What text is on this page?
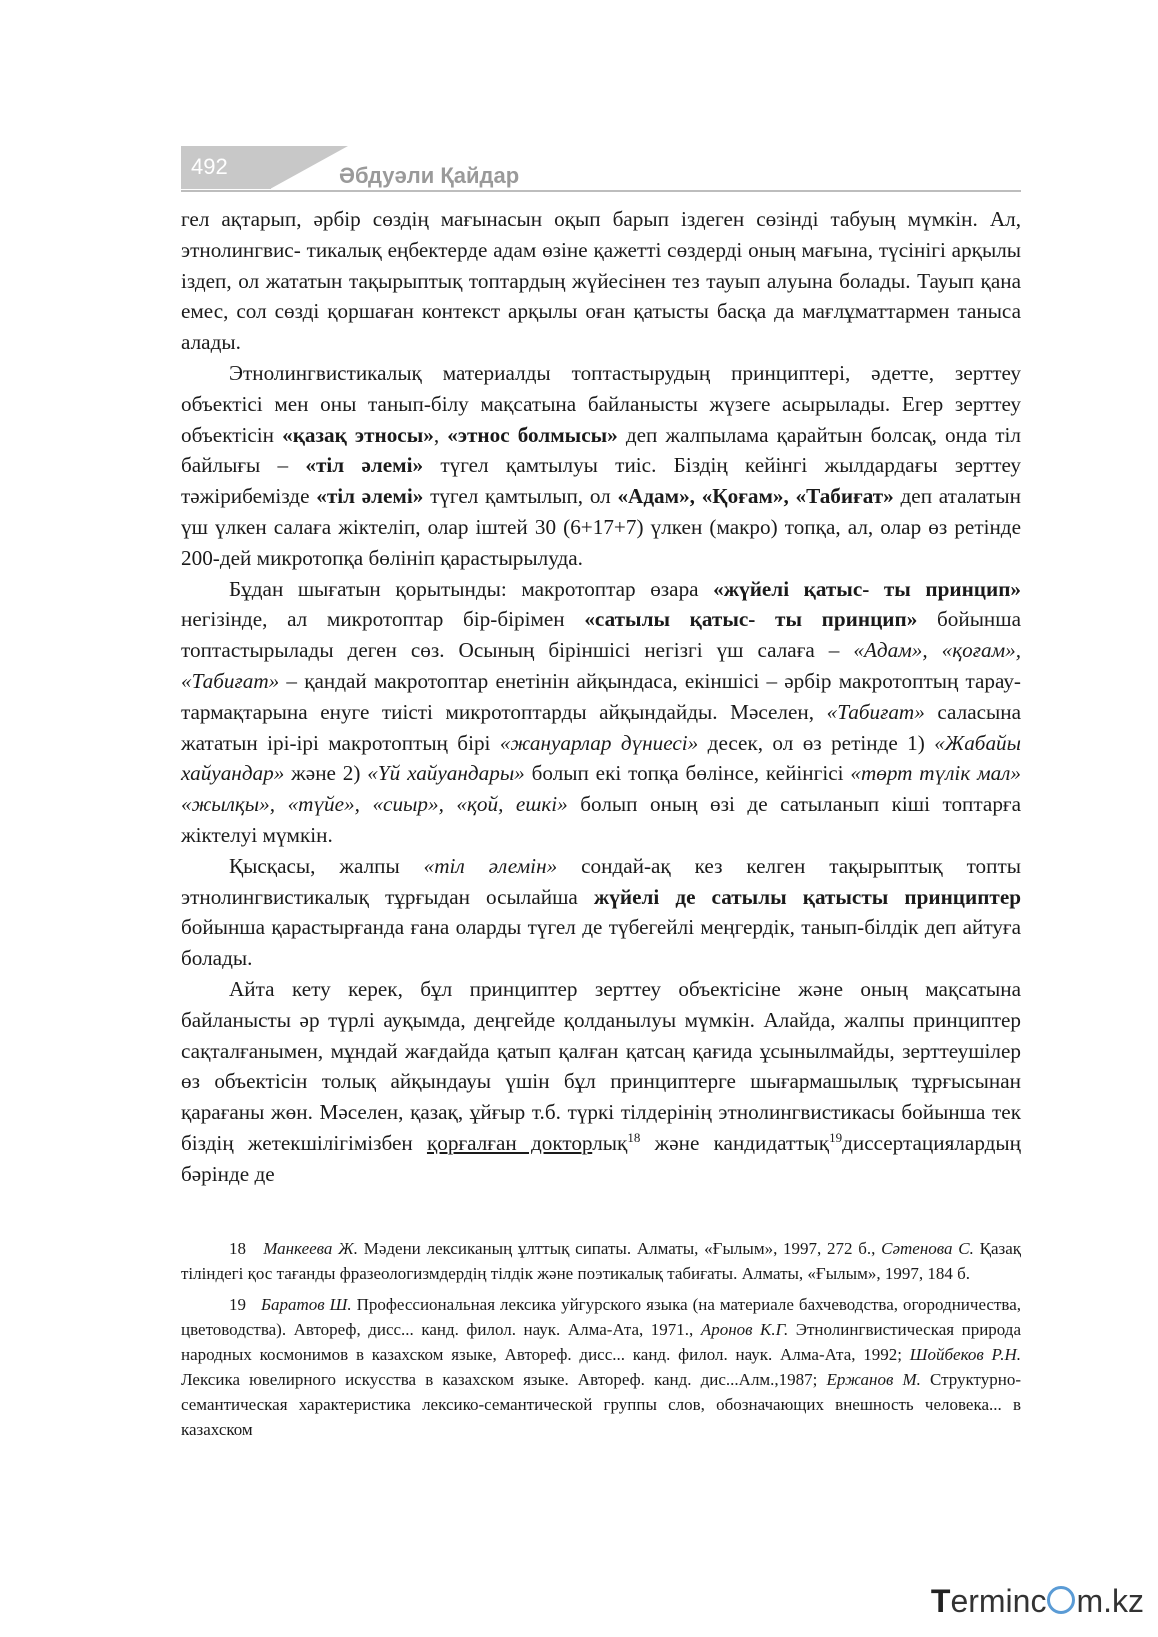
492	Әбдуәли Қайдар

гел ақтарып, әрбір сөздің мағынасын оқып барып іздеген сөзінді табуың мүмкін. Ал, этнолингвис- тикалық еңбектерде адам өзіне қажетті сөздерді оның мағына, түсінігі арқылы іздеп, ол жататын тақырыптық топтардың жүйесінен тез тауып алуына болады. Тауып қана емес, сол сөзді қоршаған контекст арқылы оған қатысты басқа да мағлұматтармен таныса алады.

Этнолингвистикалық материалды топтастырудың принциптері, әдетте, зерттеу объектісі мен оны танып-білу мақсатына байланысты жүзеге асырылады. Егер зерттеу объектісін «қазақ этносы», «этнос болмысы» деп жалпылама қарайтын болсақ, онда тіл байлығы – «тіл әлемі» түгел қамтылуы тиіс. Біздің кейінгі жылдардағы зерттеу тәжірибемізде «тіл әлемі» түгел қамтылып, ол «Адам», «Қоғам», «Табиғат» деп аталатын үш үлкен салаға жіктеліп, олар іштей 30 (6+17+7) үлкен (макро) топқа, ал, олар өз ретінде 200-дей микротопқа бөлініп қарастырылуда.

Бұдан шығатын қорытынды: макротоптар өзара «жүйелі қатыс- ты принцип» негізінде, ал микротоптар бір-бірімен «сатылы қатыс- ты принцип» бойынша топтастырылады деген сөз. Осының біріншісі негізгі үш салаға – «Адам», «қоғам», «Табиғат» – қандай макротоптар енетінін айқындаса, екіншісі – әрбір макротоптың тарау-тармақтарына енуге тиісті микротоптарды айқындайды. Мәселен, «Табиғат» саласына жататын ірі-ірі макротоптың бірі «жануарлар дүниесі» десек, ол өз ретінде 1) «Жабайы хайуандар» және 2) «Үй хайуандары» болып екі топқа бөлінсе, кейінгісі «төрт түлік мал» «жылқы», «түйе», «сиыр», «қой, ешкі» болып оның өзі де сатыланып кіші топтарға жіктелуі мүмкін.

Қысқасы, жалпы «тіл әлемін» сондай-ақ кез келген тақырыптық топты этнолингвистикалық тұрғыдан осылайша жүйелі де сатылы қатысты принциптер бойынша қарастырғанда ғана оларды түгел де түбегейлі меңгердік, танып-білдік деп айтуға болады.

Айта кету керек, бұл принциптер зерттеу объектісіне және оның мақсатына байланысты әр түрлі ауқымда, деңгейде қолданылуы мүмкін. Алайда, жалпы принциптер сақталғанымен, мұндай жағдайда қатып қалған қатсаң қағида ұсынылмайды, зерттеушілер өз объектісін толық айқындауы үшін бұл принциптерге шығармашылық тұрғысынан қарағаны жөн. Мәселен, қазақ, ұйғыр т.б. түркі тілдерінің этнолингвистикасы бойынша тек біздің жетекшілігімізбен қорғалған докторлық$^{18}$ және кандидаттық$^{19}$диссертациялардың бәрінде де

18 Манкеева Ж. Мәдени лексиканың ұлттық сипаты. Алматы, «Ғылым», 1997, 272 б., Сәтенова С. Қазақ тіліндегі қос тағанды фразеологизмдердің тілдік және поэтикалық табиғаты. Алматы, «Ғылым», 1997, 184 б.

19 Баратов Ш. Профессиональная лексика уйгурского языка (на материале бахчеводства, огородничества, цветоводства). Автореф, дисс... канд. филол. наук. Алма-Ата, 1971., Аронов К.Г. Этнолингвистическая природа народных космонимов в казахском языке, Автореф. дисс... канд. филол. наук. Алма-Ата, 1992; Шойбеков Р.Н. Лексика ювелирного искусства в казахском языке. Автореф. канд. дис...Алм.,1987; Ержанов М. Структурно-семантическая характеристика лексико-семантической группы слов, обозначающих внешность человека... в казахском

Terminc m.kz
